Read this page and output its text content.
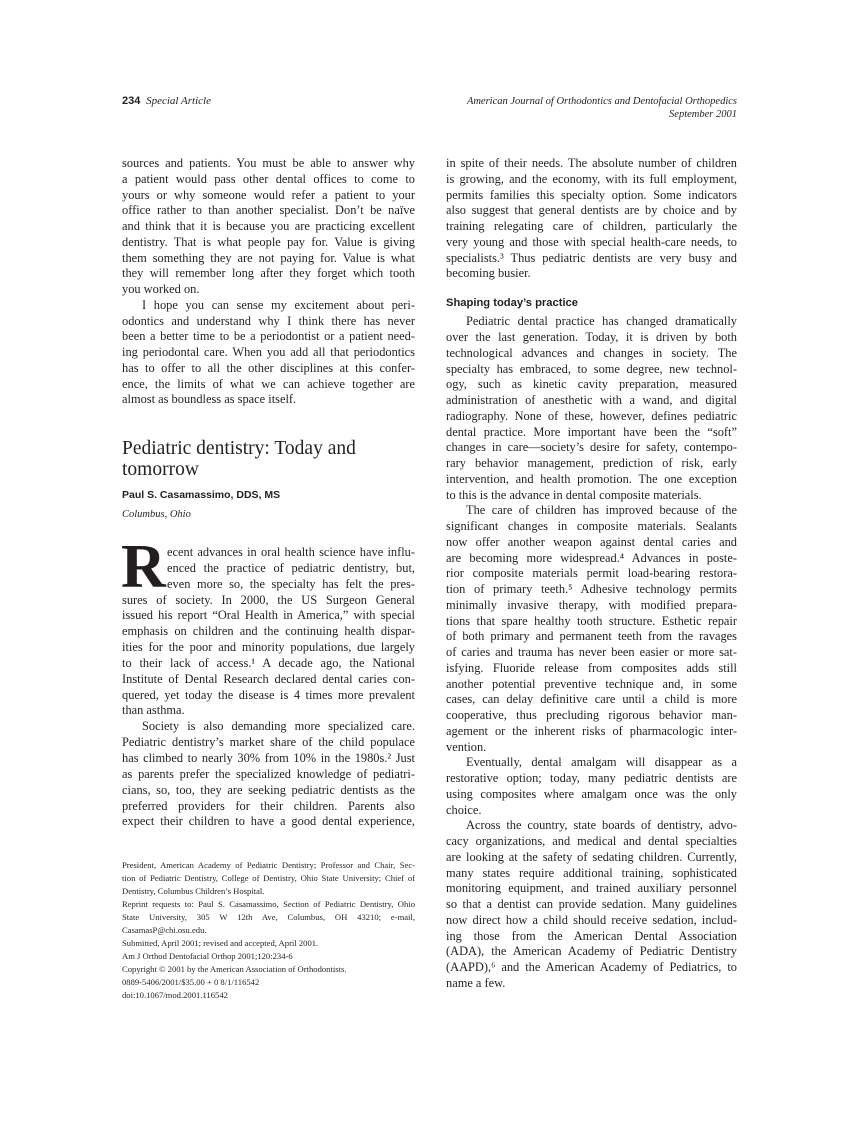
234 Special Article	American Journal of Orthodontics and Dentofacial Orthopedics
September 2001
sources and patients. You must be able to answer why
a patient would pass other dental offices to come to
yours or why someone would refer a patient to your
office rather to than another specialist. Don’t be naïve
and think that it is because you are practicing excellent
dentistry. That is what people pay for. Value is giving
them something they are not paying for. Value is what
they will remember long after they forget which tooth
you worked on.
I hope you can sense my excitement about peri-
odontics and understand why I think there has never
been a better time to be a periodontist or a patient need-
ing periodontal care. When you add all that periodontics
has to offer to all the other disciplines at this confer-
ence, the limits of what we can achieve together are
almost as boundless as space itself.
Pediatric dentistry: Today and
tomorrow
Paul S. Casamassimo, DDS, MS
Columbus, Ohio
R ecent advances in oral health science have influ-
enced the practice of pediatric dentistry, but,
even more so, the specialty has felt the pres-
sures of society. In 2000, the US Surgeon General
issued his report “Oral Health in America,” with special
emphasis on children and the continuing health dispar-
ities for the poor and minority populations, due largely
to their lack of access.¹ A decade ago, the National
Institute of Dental Research declared dental caries con-
quered, yet today the disease is 4 times more prevalent
than asthma.
Society is also demanding more specialized care.
Pediatric dentistry’s market share of the child populace
has climbed to nearly 30% from 10% in the 1980s.² Just
as parents prefer the specialized knowledge of pediatri-
cians, so, too, they are seeking pediatric dentists as the
preferred providers for their children. Parents also
expect their children to have a good dental experience,
President, American Academy of Pediatric Dentistry; Professor and Chair, Sec-
tion of Pediatric Dentistry, College of Dentistry, Ohio State University; Chief of
Dentistry, Columbus Children’s Hospital.
Reprint requests to: Paul S. Casamassimo, Section of Pediatric Dentistry, Ohio
State University, 305 W 12th Ave, Columbus, OH 43210; e-mail,
CasamasP@chi.osu.edu.
Submitted, April 2001; revised and accepted, April 2001.
Am J Orthod Dentofacial Orthop 2001;120:234-6
Copyright © 2001 by the American Association of Orthodontists.
0889-5406/2001/$35.00 + 0 8/1/116542
doi:10.1067/mod.2001.116542
in spite of their needs. The absolute number of children
is growing, and the economy, with its full employment,
permits families this specialty option. Some indicators
also suggest that general dentists are by choice and by
training relegating care of children, particularly the
very young and those with special health-care needs, to
specialists.³ Thus pediatric dentists are very busy and
becoming busier.
Shaping today’s practice
Pediatric dental practice has changed dramatically
over the last generation. Today, it is driven by both
technological advances and changes in society. The
specialty has embraced, to some degree, new technol-
ogy, such as kinetic cavity preparation, measured
administration of anesthetic with a wand, and digital
radiography. None of these, however, defines pediatric
dental practice. More important have been the “soft”
changes in care—society’s desire for safety, contempo-
rary behavior management, prediction of risk, early
intervention, and health promotion. The one exception
to this is the advance in dental composite materials.
The care of children has improved because of the
significant changes in composite materials. Sealants
now offer another weapon against dental caries and
are becoming more widespread.⁴ Advances in poste-
rior composite materials permit load-bearing restora-
tion of primary teeth.⁵ Adhesive technology permits
minimally invasive therapy, with modified prepara-
tions that spare healthy tooth structure. Esthetic repair
of both primary and permanent teeth from the ravages
of caries and trauma has never been easier or more sat-
isfying. Fluoride release from composites adds still
another potential preventive technique and, in some
cases, can delay definitive care until a child is more
cooperative, thus precluding rigorous behavior man-
agement or the inherent risks of pharmacologic inter-
vention.
Eventually, dental amalgam will disappear as a
restorative option; today, many pediatric dentists are
using composites where amalgam once was the only
choice.
Across the country, state boards of dentistry, advo-
cacy organizations, and medical and dental specialties
are looking at the safety of sedating children. Currently,
many states require additional training, sophisticated
monitoring equipment, and trained auxiliary personnel
so that a dentist can provide sedation. Many guidelines
now direct how a child should receive sedation, includ-
ing those from the American Dental Association
(ADA), the American Academy of Pediatric Dentistry
(AAPD),⁶ and the American Academy of Pediatrics, to
name a few.
